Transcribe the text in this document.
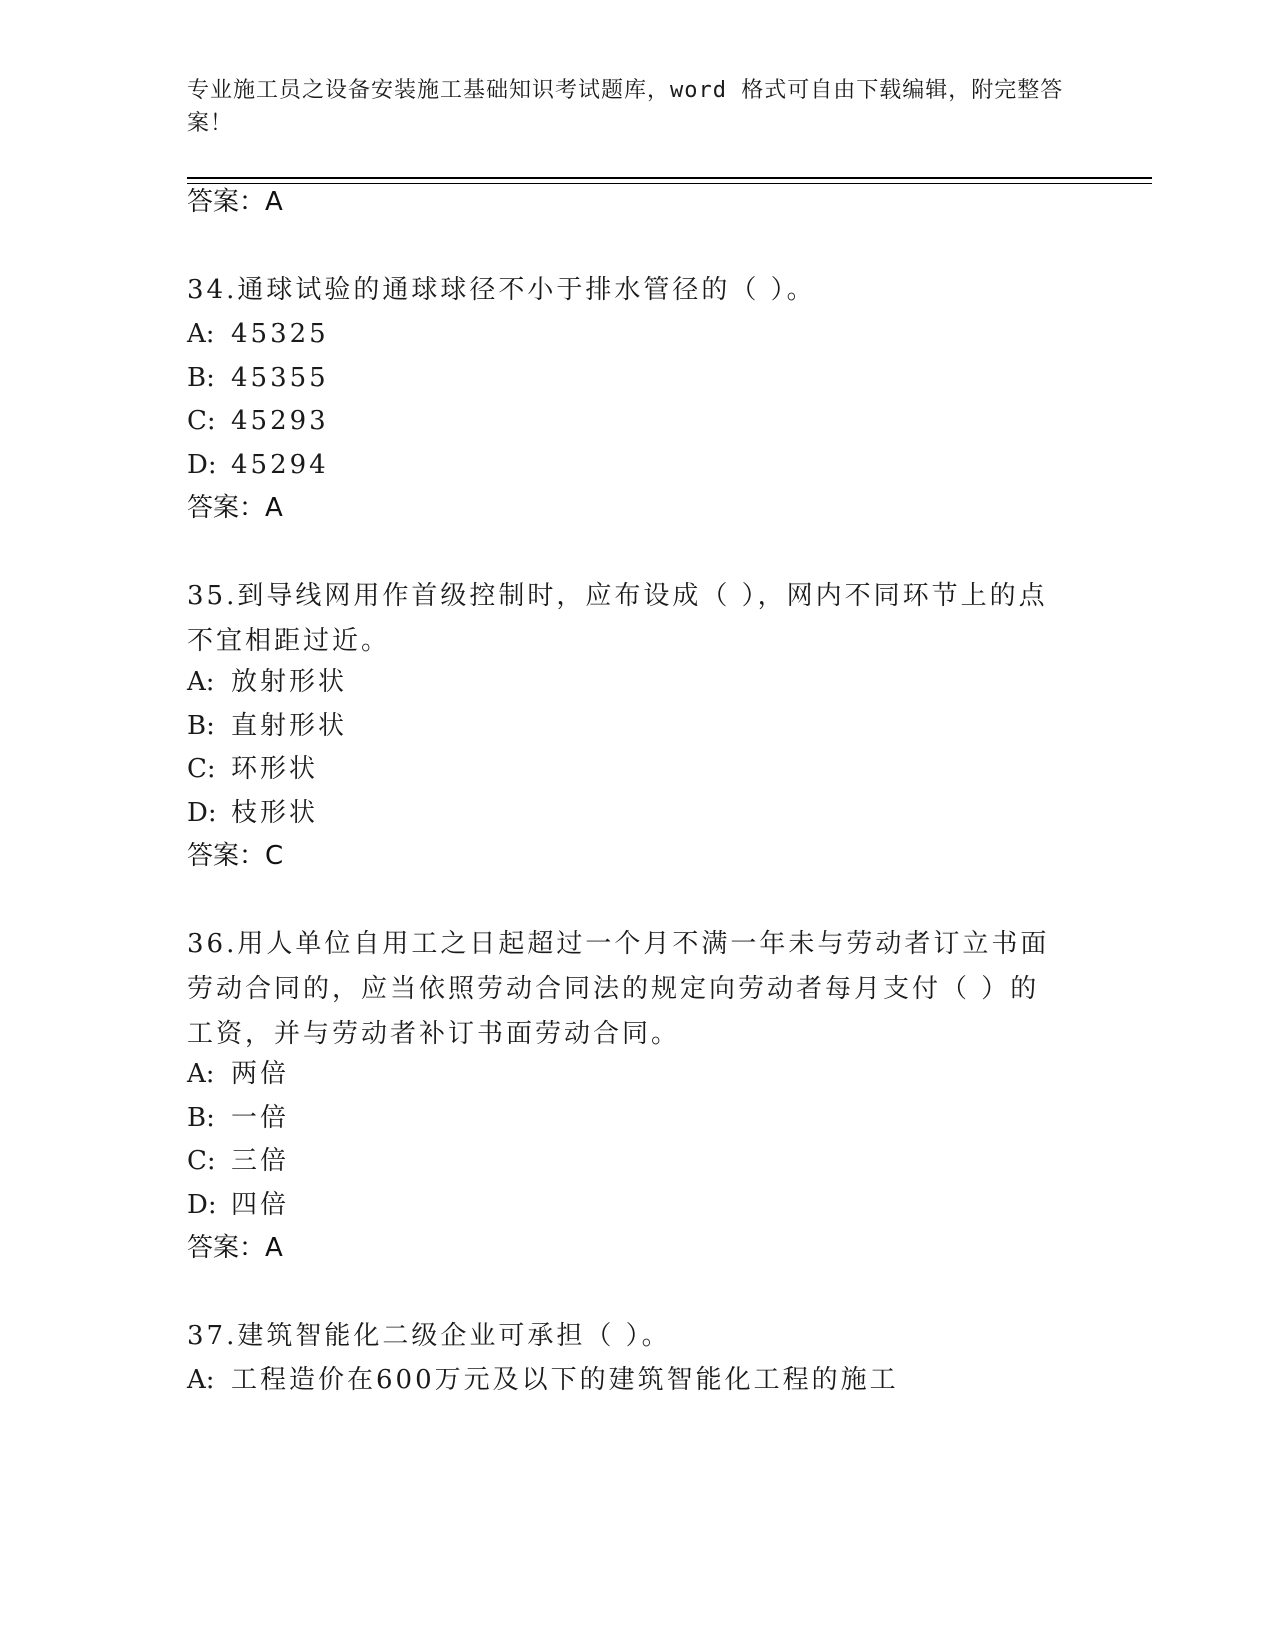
专业施工员之设备安装施工基础知识考试题库，word 格式可自由下载编辑，附完整答案！
答案：A
34.通球试验的通球球径不小于排水管径的（ ）。
A: 45325
B: 45355
C: 45293
D: 45294
答案：A
35.到导线网用作首级控制时，应布设成（ ），网内不同环节上的点不宜相距过近。
A: 放射形状
B: 直射形状
C: 环形状
D: 枝形状
答案：C
36.用人单位自用工之日起超过一个月不满一年未与劳动者订立书面劳动合同的，应当依照劳动合同法的规定向劳动者每月支付（ ）的工资，并与劳动者补订书面劳动合同。
A: 两倍
B: 一倍
C: 三倍
D: 四倍
答案：A
37.建筑智能化二级企业可承担（ ）。
A: 工程造价在600万元及以下的建筑智能化工程的施工
